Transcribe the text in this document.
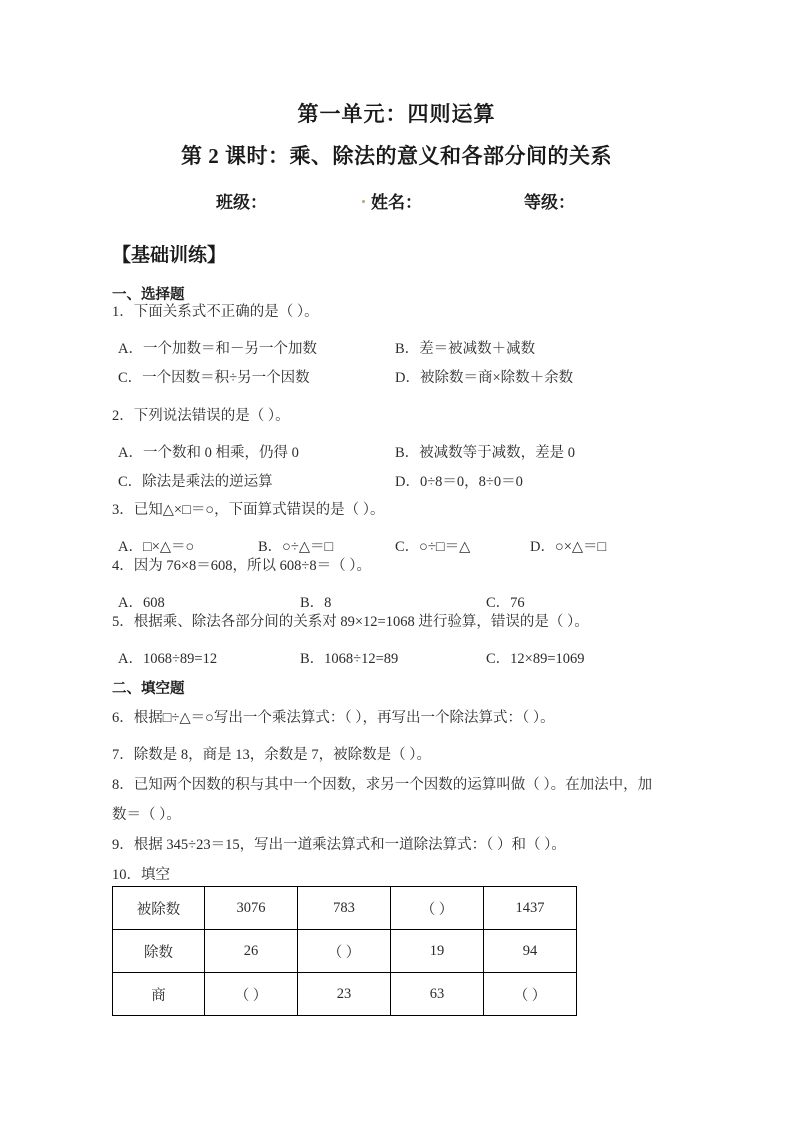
第一单元：四则运算
第 2 课时：乘、除法的意义和各部分间的关系
班级：	姓名：	等级：
【基础训练】
一、选择题
1．下面关系式不正确的是（ ）。
A．一个加数＝和－另一个加数	B．差＝被减数＋减数
C．一个因数＝积÷另一个因数	D．被除数＝商×除数＋余数
2．下列说法错误的是（ ）。
A．一个数和 0 相乘，仍得 0	B．被减数等于减数，差是 0
C．除法是乘法的逆运算	D．0÷8＝0，8÷0＝0
3．已知△×□＝○，下面算式错误的是（ ）。
A．□×△＝○	B．○÷△＝□	C．○÷□＝△	D．○×△＝□
4．因为 76×8＝608，所以 608÷8＝（ ）。
A．608	B．8	C．76
5．根据乘、除法各部分间的关系对 89×12=1068 进行验算，错误的是（ ）。
A．1068÷89=12	B．1068÷12=89	C．12×89=1069
二、填空题
6．根据□÷△＝○写出一个乘法算式：（ ），再写出一个除法算式：（ ）。
7．除数是 8，商是 13，余数是 7，被除数是（ ）。
8．已知两个因数的积与其中一个因数，求另一个因数的运算叫做（ ）。在加法中，加
数＝（ ）。
9．根据 345÷23＝15，写出一道乘法算式和一道除法算式：（ ）和（ ）。
10．填空
被除数	3076	783	（ ）	1437
除数	26	（ ）	19	94
商	（ ）	23	63	（ ）
